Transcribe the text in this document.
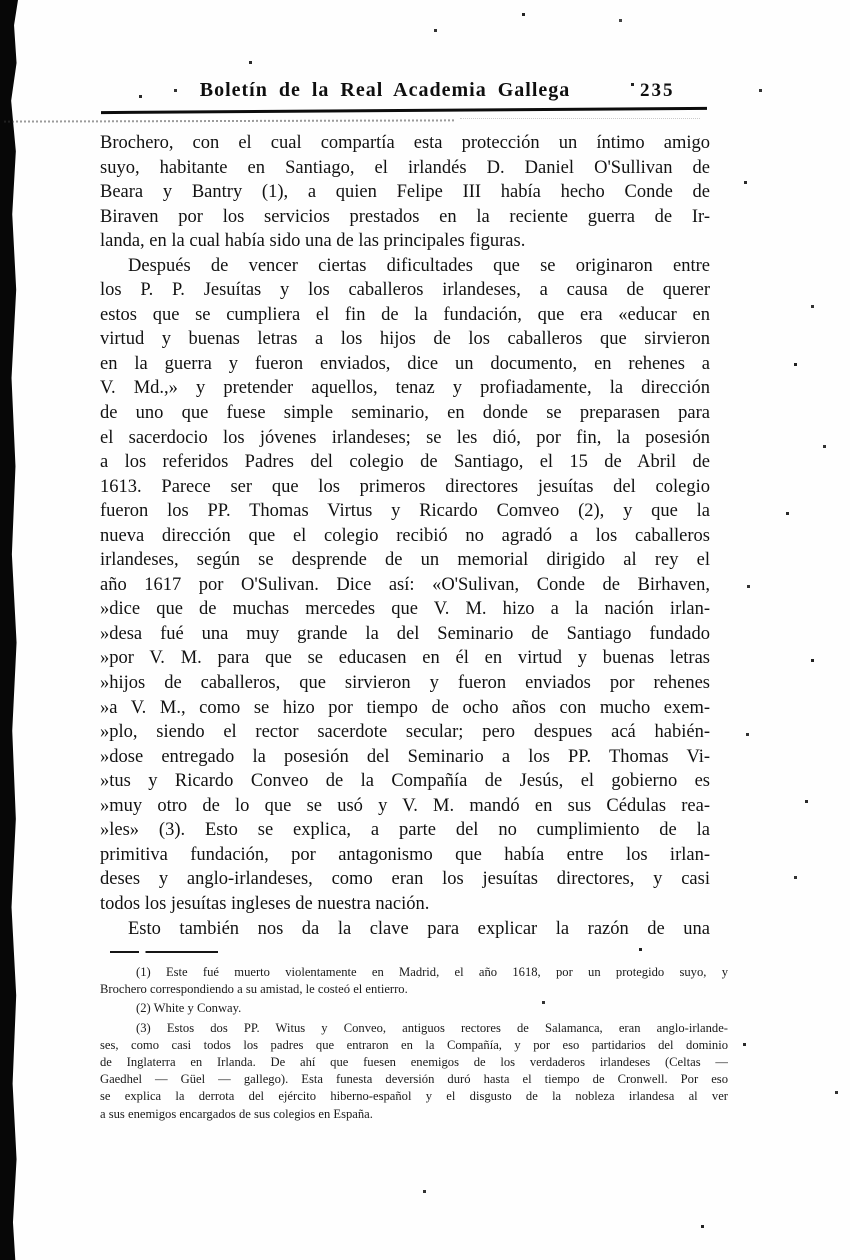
Boletín de la Real Academia Gallega	235
Brochero, con el cual compartía esta protección un íntimo amigo
suyo, habitante en Santiago, el irlandés D. Daniel O'Sullivan de
Beara y Bantry (1), a quien Felipe III había hecho Conde de
Biraven por los servicios prestados en la reciente guerra de Ir-
landa, en la cual había sido una de las principales figuras.
Después de vencer ciertas dificultades que se originaron entre
los P. P. Jesuítas y los caballeros irlandeses, a causa de querer
estos que se cumpliera el fin de la fundación, que era «educar en
virtud y buenas letras a los hijos de los caballeros que sirvieron
en la guerra y fueron enviados, dice un documento, en rehenes a
V. Md.,» y pretender aquellos, tenaz y profiadamente, la dirección
de uno que fuese simple seminario, en donde se preparasen para
el sacerdocio los jóvenes irlandeses; se les dió, por fin, la posesión
a los referidos Padres del colegio de Santiago, el 15 de Abril de
1613. Parece ser que los primeros directores jesuítas del colegio
fueron los PP. Thomas Virtus y Ricardo Comveo (2), y que la
nueva dirección que el colegio recibió no agradó a los caballeros
irlandeses, según se desprende de un memorial dirigido al rey el
año 1617 por O'Sulivan. Dice así: «O'Sulivan, Conde de Birhaven,
»dice que de muchas mercedes que V. M. hizo a la nación irlan-
»desa fué una muy grande la del Seminario de Santiago fundado
»por V. M. para que se educasen en él en virtud y buenas letras
»hijos de caballeros, que sirvieron y fueron enviados por rehenes
»a V. M., como se hizo por tiempo de ocho años con mucho exem-
»plo, siendo el rector sacerdote secular; pero despues acá habién-
»dose entregado la posesión del Seminario a los PP. Thomas Vi-
»tus y Ricardo Conveo de la Compañía de Jesús, el gobierno es
»muy otro de lo que se usó y V. M. mandó en sus Cédulas rea-
»les» (3). Esto se explica, a parte del no cumplimiento de la
primitiva fundación, por antagonismo que había entre los irlan-
deses y anglo-irlandeses, como eran los jesuítas directores, y casi
todos los jesuítas ingleses de nuestra nación.
Esto también nos da la clave para explicar la razón de una
(1) Este fué muerto violentamente en Madrid, el año 1618, por un protegido suyo, y
Brochero correspondiendo a su amistad, le costeó el entierro.
(2) White y Conway.
(3) Estos dos PP. Witus y Conveo, antiguos rectores de Salamanca, eran anglo-irlande-
ses, como casi todos los padres que entraron en la Compañía, y por eso partidarios del dominio
de Inglaterra en Irlanda. De ahí que fuesen enemigos de los verdaderos irlandeses (Celtas —
Gaedhel — Güel — gallego). Esta funesta deversión duró hasta el tiempo de Cronwell. Por eso
se explica la derrota del ejército hiberno-español y el disgusto de la nobleza irlandesa al ver
a sus enemigos encargados de sus colegios en España.
